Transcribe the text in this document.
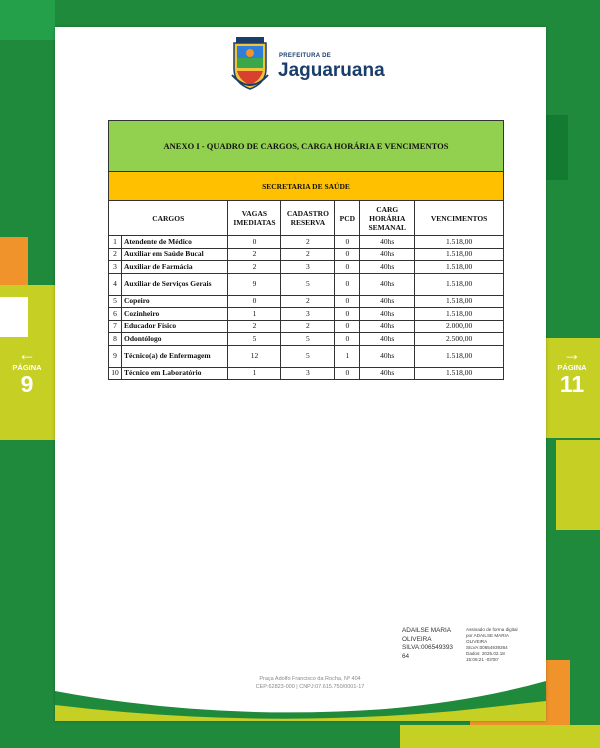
←
PÁGINA
9
→
PÁGINA
11
PREFEITURA DE
Jaguaruana
ANEXO I - QUADRO DE CARGOS, CARGA HORÁRIA E VENCIMENTOS						
SECRETARIA DE SAÚDE						
CARGOS		VAGAS IMEDIATAS	CADASTRO RESERVA	PCD	CARG HORÁRIA SEMANAL	VENCIMENTOS
1	Atendente de Médico	0	2	0	40hs	1.518,00
2	Auxiliar em Saúde Bucal	2	2	0	40hs	1.518,00
3	Auxiliar de Farmácia	2	3	0	40hs	1.518,00
4	Auxiliar de Serviços Gerais	9	5	0	40hs	1.518,00
5	Copeiro	0	2	0	40hs	1.518,00
6	Cozinheiro	1	3	0	40hs	1.518,00
7	Educador Físico	2	2	0	40hs	2.000,00
8	Odontólogo	5	5	0	40hs	2.500,00
9	Técnico(a) de Enfermagem	12	5	1	40hs	1.518,00
10	Técnico em Laboratório	1	3	0	40hs	1.518,00
ADAILSE MARIA
OLIVEIRA
SILVA:006549393
64
Assinado de forma digital
por ADAILSE MARIA
OLIVEIRA
SILVA:00654939364
Dados: 2025.02.18
15:06:21 -03'00'
Praça Adolfo Francisco da Rocha, Nº 404
CEP:62823-000 | CNPJ:07.615.750/0001-17
